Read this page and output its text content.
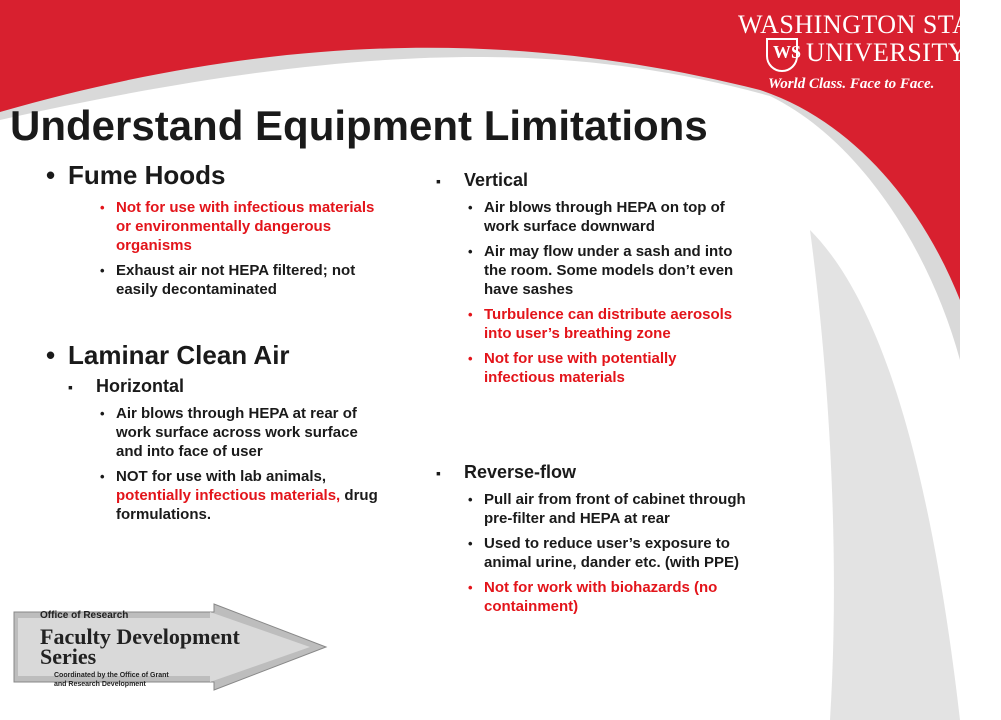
WASHINGTON STATE
WS UNIVERSITY
World Class. Face to Face.
Understand Equipment Limitations
• Fume Hoods
• Not for use with infectious materials or environmentally dangerous organisms
• Exhaust air not HEPA filtered; not easily decontaminated
• Laminar Clean Air
▪ Horizontal
• Air blows through HEPA at rear of work surface across work surface and into face of user
• NOT for use with lab animals, potentially infectious materials, drug formulations.
▪ Vertical
• Air blows through HEPA on top of work surface downward
• Air may flow under a sash and into the room. Some models don’t even have sashes
• Turbulence can distribute aerosols into user’s breathing zone
• Not for use with potentially infectious materials
▪ Reverse-flow
• Pull air from front of cabinet through pre-filter and HEPA at rear
• Used to reduce user’s exposure to animal urine, dander etc. (with PPE)
• Not for work with biohazards (no containment)
Office of Research
Faculty Development
Series
Coordinated by the Office of Grant
and Research Development
